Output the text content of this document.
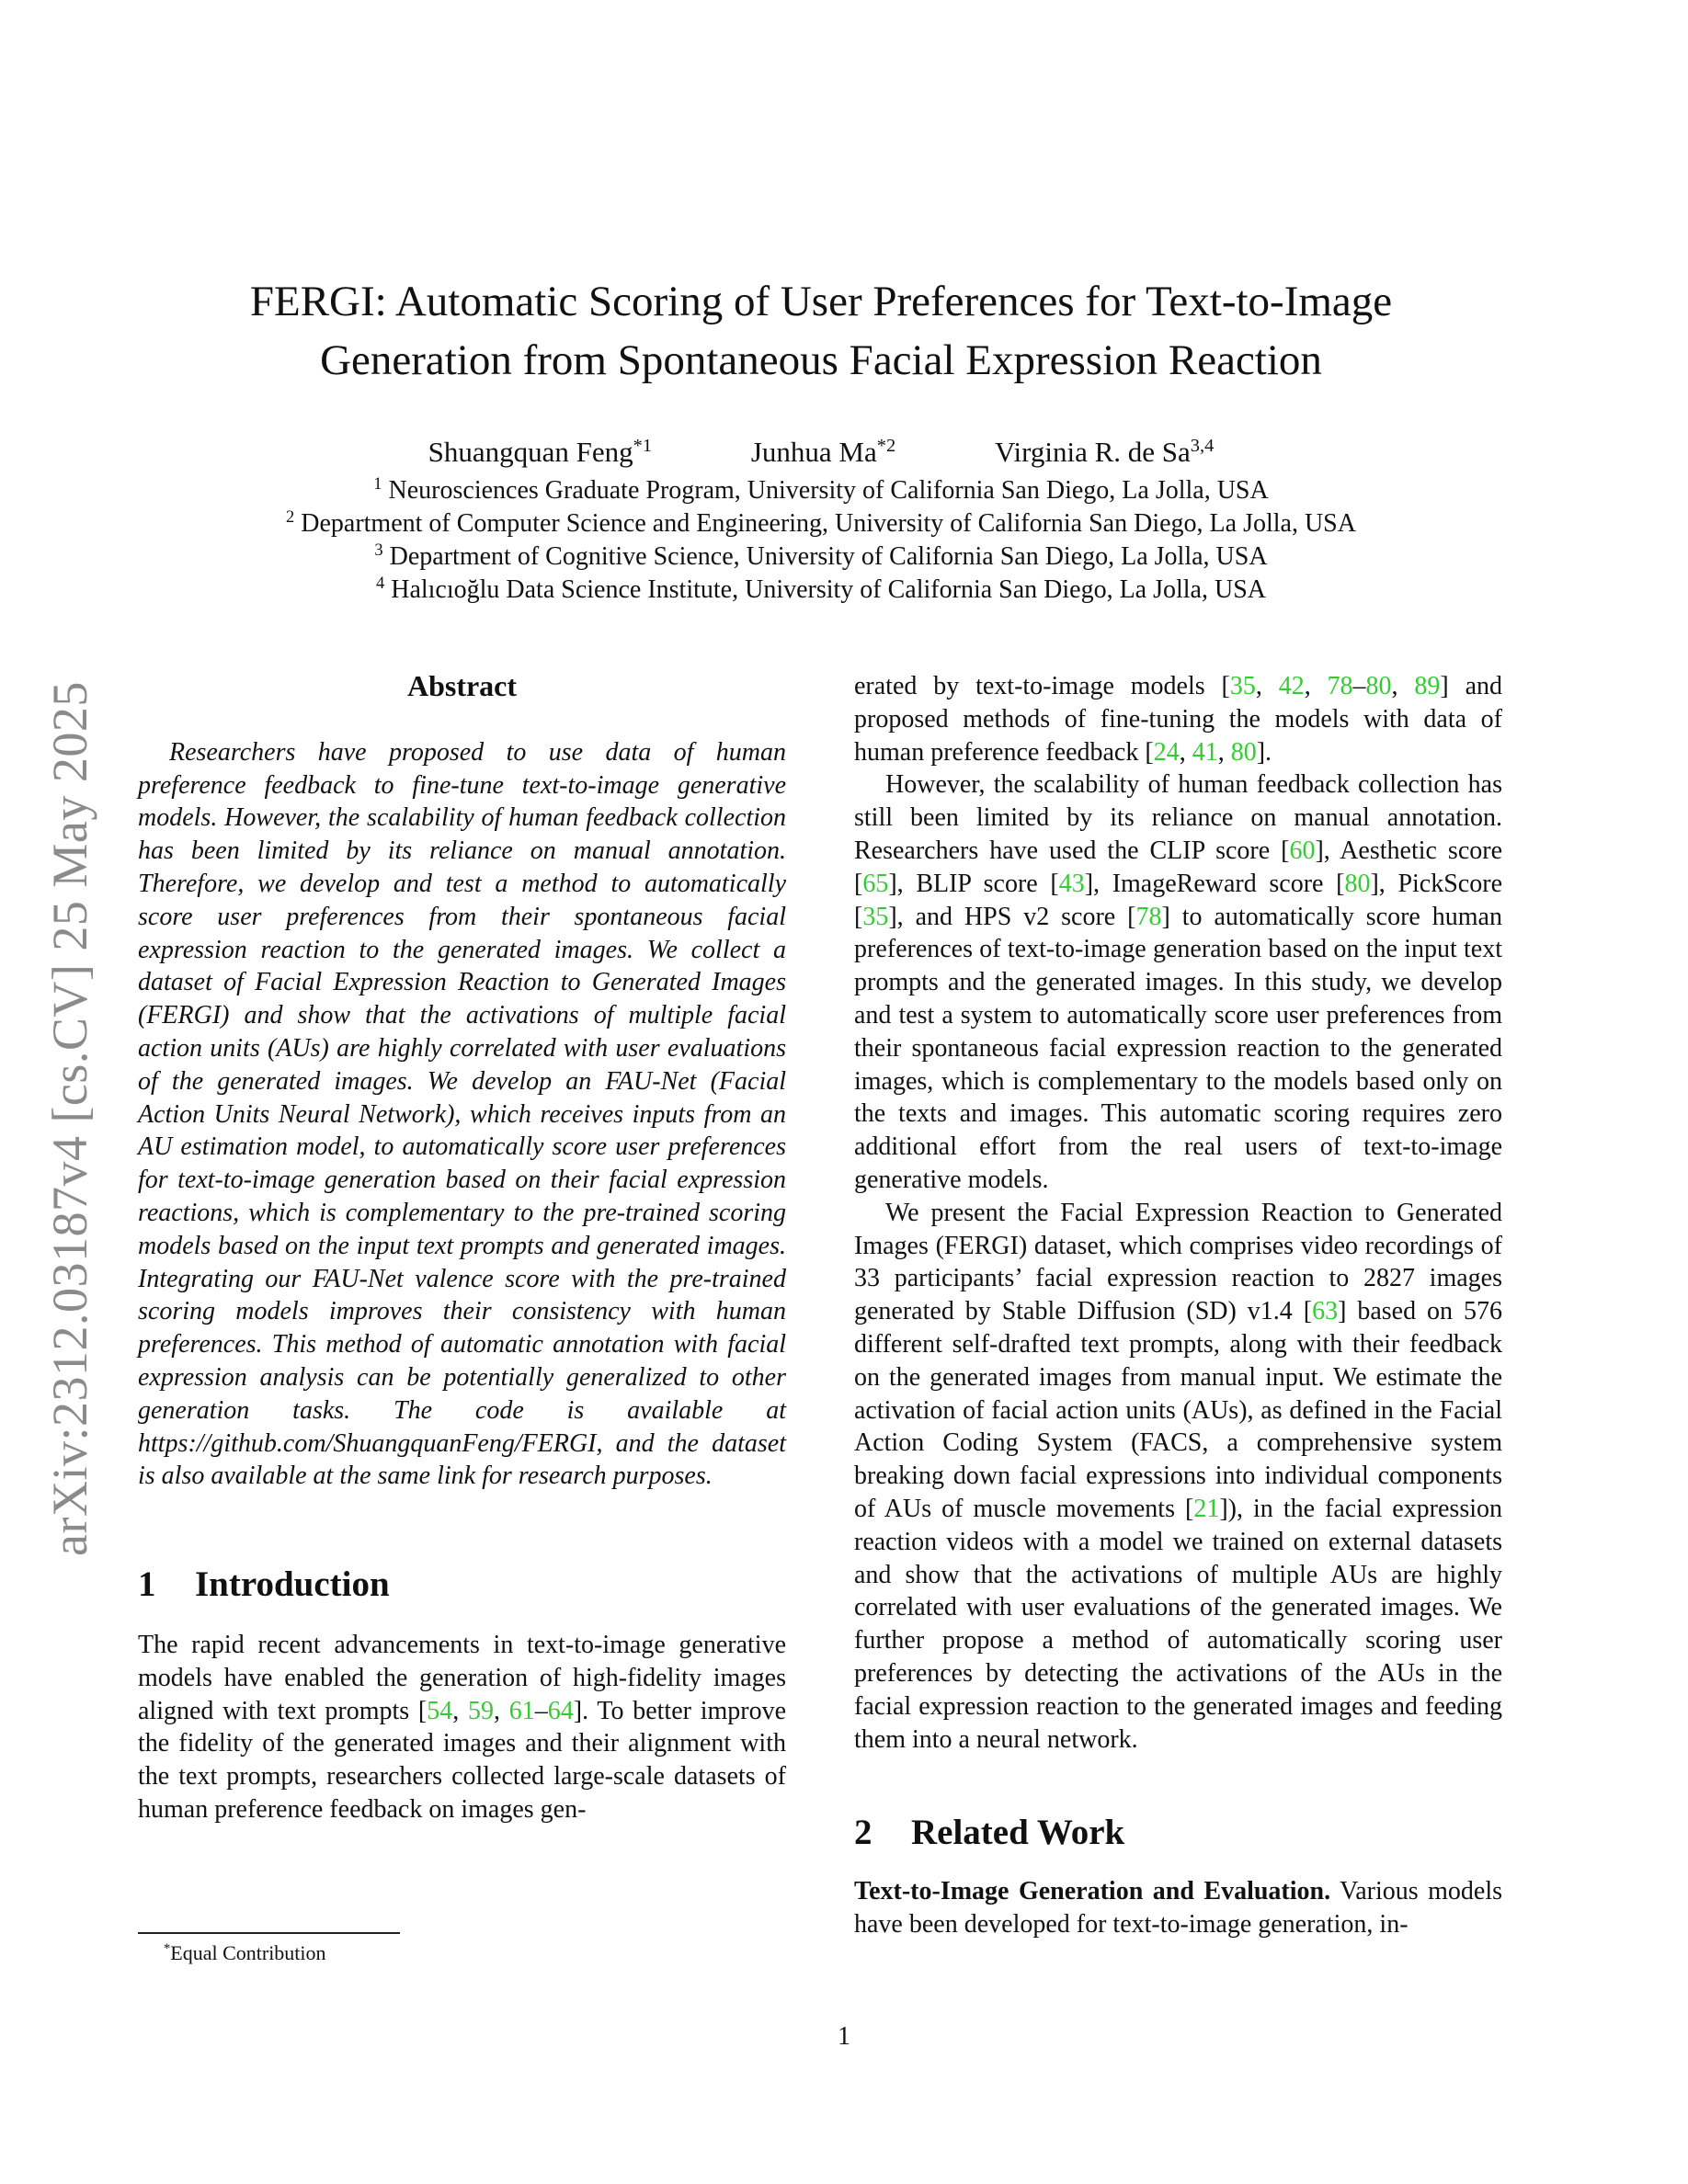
arXiv:2312.03187v4 [cs.CV] 25 May 2025
FERGI: Automatic Scoring of User Preferences for Text-to-Image
Generation from Spontaneous Facial Expression Reaction
Shuangquan Feng$^{*1}$	Junhua Ma$^{*2}$	Virginia R. de Sa$^{3,4}$
$^1$ Neurosciences Graduate Program, University of California San Diego, La Jolla, USA
$^2$ Department of Computer Science and Engineering, University of California San Diego, La Jolla, USA
$^3$ Department of Cognitive Science, University of California San Diego, La Jolla, USA
$^4$ Halıcıoğlu Data Science Institute, University of California San Diego, La Jolla, USA
Abstract

Researchers have proposed to use data of human preference feedback to fine-tune text-to-image generative models. However, the scalability of human feedback collection has been limited by its reliance on manual annotation. Therefore, we develop and test a method to automatically score user preferences from their spontaneous facial expression reaction to the generated images. We collect a dataset of Facial Expression Reaction to Generated Images (FERGI) and show that the activations of multiple facial action units (AUs) are highly correlated with user evaluations of the generated images. We develop an FAU-Net (Facial Action Units Neural Network), which receives inputs from an AU estimation model, to automatically score user preferences for text-to-image generation based on their facial expression reactions, which is complementary to the pre-trained scoring models based on the input text prompts and generated images. Integrating our FAU-Net valence score with the pre-trained scoring models improves their consistency with human preferences. This method of automatic annotation with facial expression analysis can be potentially generalized to other generation tasks. The code is available at https://github.com/ShuangquanFeng/FERGI, and the dataset is also available at the same link for research purposes.

1 Introduction

The rapid recent advancements in text-to-image generative models have enabled the generation of high-fidelity images aligned with text prompts [54, 59, 61–64]. To better improve the fidelity of the generated images and their alignment with the text prompts, researchers collected large-scale datasets of human preference feedback on images gen-

erated by text-to-image models [35, 42, 78–80, 89] and proposed methods of fine-tuning the models with data of human preference feedback [24, 41, 80].

However, the scalability of human feedback collection has still been limited by its reliance on manual annotation. Researchers have used the CLIP score [60], Aesthetic score [65], BLIP score [43], ImageReward score [80], PickScore [35], and HPS v2 score [78] to automatically score human preferences of text-to-image generation based on the input text prompts and the generated images. In this study, we develop and test a system to automatically score user preferences from their spontaneous facial expression reaction to the generated images, which is complementary to the models based only on the texts and images. This automatic scoring requires zero additional effort from the real users of text-to-image generative models.

We present the Facial Expression Reaction to Generated Images (FERGI) dataset, which comprises video recordings of 33 participants’ facial expression reaction to 2827 images generated by Stable Diffusion (SD) v1.4 [63] based on 576 different self-drafted text prompts, along with their feedback on the generated images from manual input. We estimate the activation of facial action units (AUs), as defined in the Facial Action Coding System (FACS, a comprehensive system breaking down facial expressions into individual components of AUs of muscle movements [21]), in the facial expression reaction videos with a model we trained on external datasets and show that the activations of multiple AUs are highly correlated with user evaluations of the generated images. We further propose a method of automatically scoring user preferences by detecting the activations of the AUs in the facial expression reaction to the generated images and feeding them into a neural network.

2 Related Work

Text-to-Image Generation and Evaluation. Various models have been developed for text-to-image generation, in-

*Equal Contribution
1
